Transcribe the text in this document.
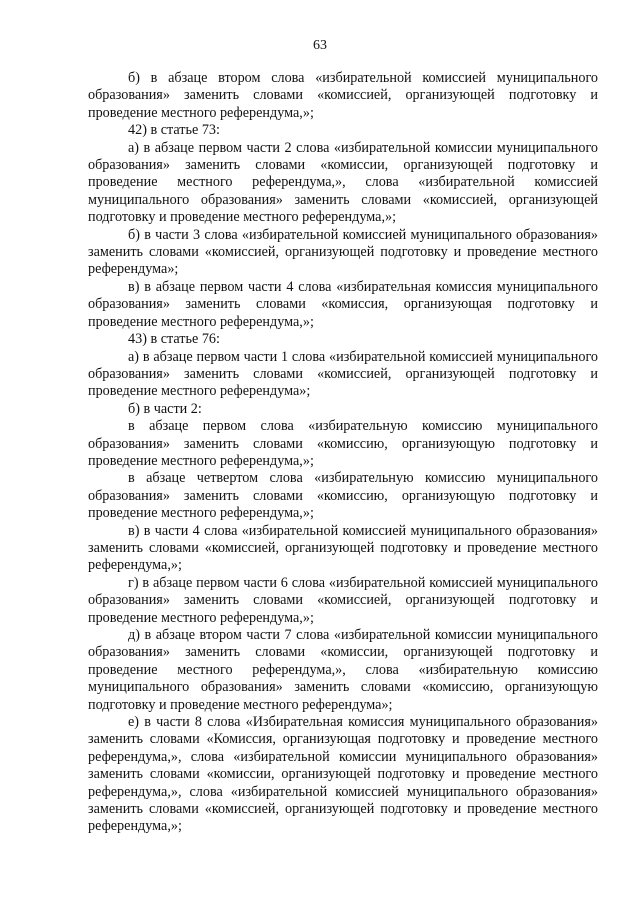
63

б) в абзаце втором слова «избирательной комиссией муниципального образования» заменить словами «комиссией, организующей подготовку и проведение местного референдума,»;

42) в статье 73:

а) в абзаце первом части 2 слова «избирательной комиссии муниципального образования» заменить словами «комиссии, организующей подготовку и проведение местного референдума,», слова «избирательной комиссией муниципального образования» заменить словами «комиссией, организующей подготовку и проведение местного референдума,»;

б) в части 3 слова «избирательной комиссией муниципального образования» заменить словами «комиссией, организующей подготовку и проведение местного референдума»;

в) в абзаце первом части 4 слова «избирательная комиссия муниципального образования» заменить словами «комиссия, организующая подготовку и проведение местного референдума,»;

43) в статье 76:

а) в абзаце первом части 1 слова «избирательной комиссией муниципального образования» заменить словами «комиссией, организующей подготовку и проведение местного референдума»;

б) в части 2:

в абзаце первом слова «избирательную комиссию муниципального образования» заменить словами «комиссию, организующую подготовку и проведение местного референдума,»;

в абзаце четвертом слова «избирательную комиссию муниципального образования» заменить словами «комиссию, организующую подготовку и проведение местного референдума,»;

в) в части 4 слова «избирательной комиссией муниципального образования» заменить словами «комиссией, организующей подготовку и проведение местного референдума,»;

г) в абзаце первом части 6 слова «избирательной комиссией муниципального образования» заменить словами «комиссией, организующей подготовку и проведение местного референдума,»;

д) в абзаце втором части 7 слова «избирательной комиссии муниципального образования» заменить словами «комиссии, организующей подготовку и проведение местного референдума,», слова «избирательную комиссию муниципального образования» заменить словами «комиссию, организующую подготовку и проведение местного референдума»;

е) в части 8 слова «Избирательная комиссия муниципального образования» заменить словами «Комиссия, организующая подготовку и проведение местного референдума,», слова «избирательной комиссии муниципального образования» заменить словами «комиссии, организующей подготовку и проведение местного референдума,», слова «избирательной комиссией муниципального образования» заменить словами «комиссией, организующей подготовку и проведение местного референдума,»;
